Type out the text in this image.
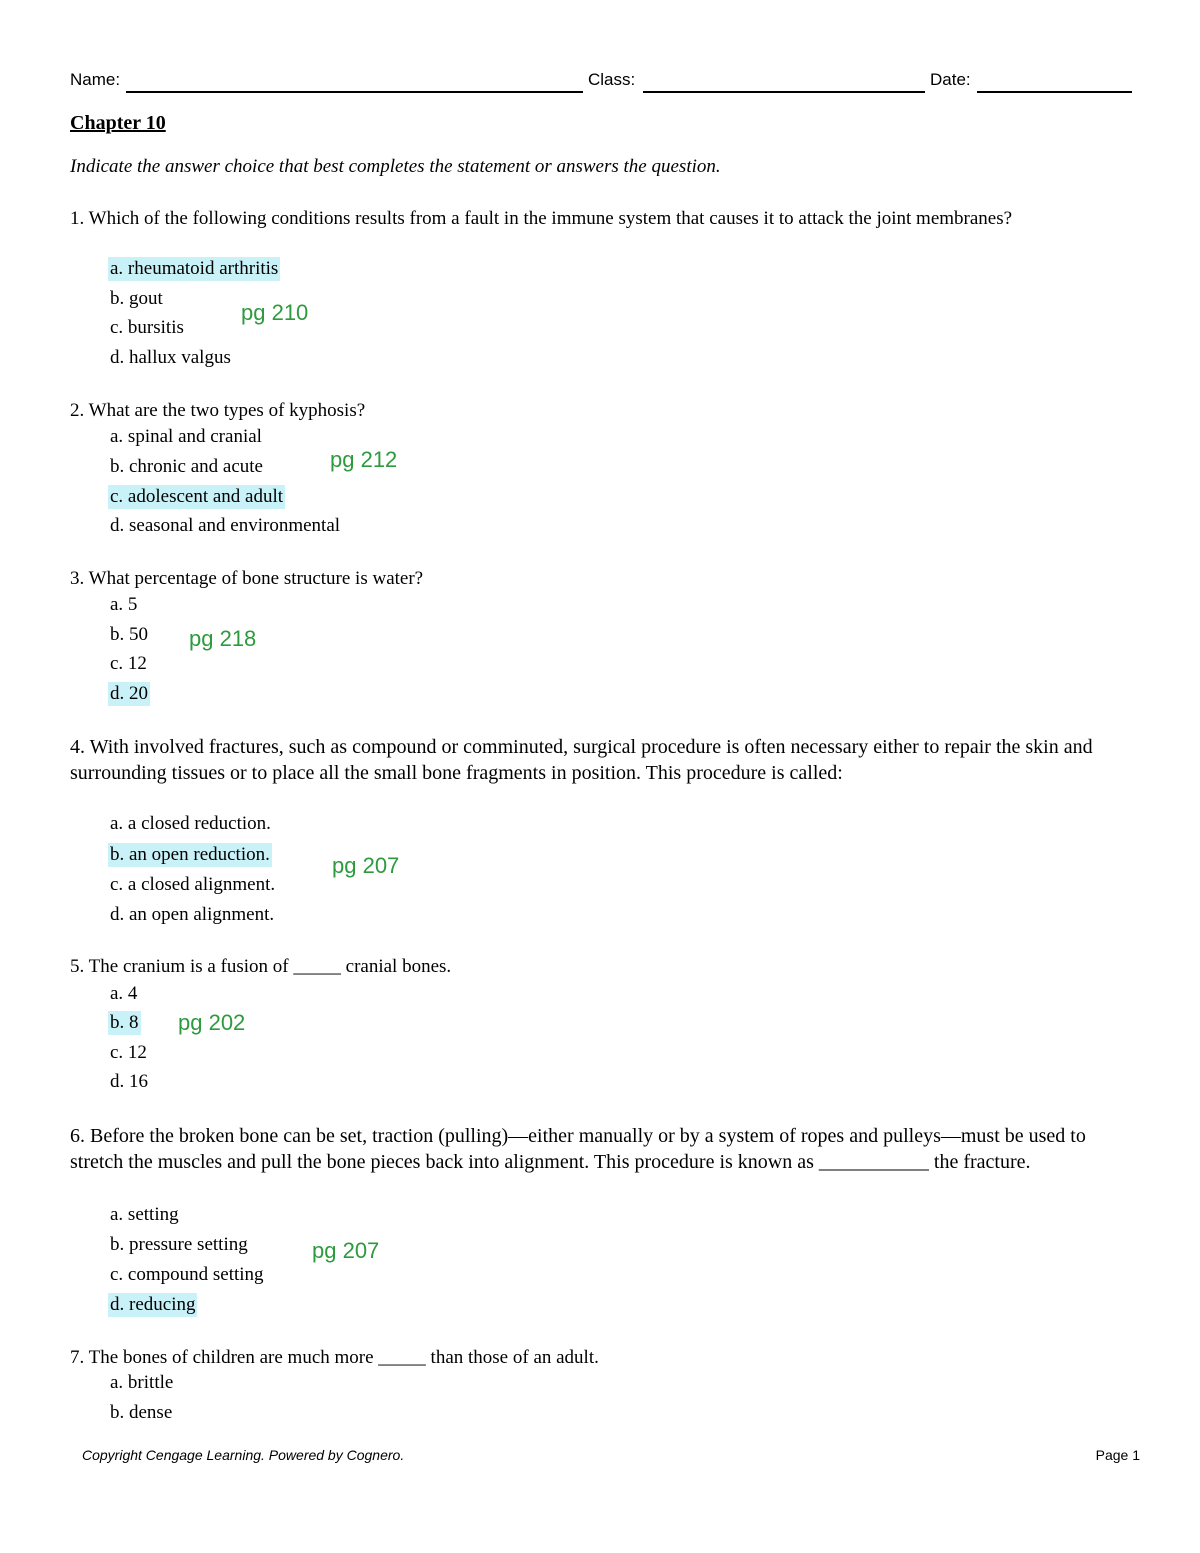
Name:	Class:	Date:
Chapter 10
Indicate the answer choice that best completes the statement or answers the question.
1. Which of the following conditions results from a fault in the immune system that causes it to attack the joint membranes?
a. rheumatoid arthritis
b. gout
c. bursitis
d. hallux valgus
pg 210
2. What are the two types of kyphosis?
a. spinal and cranial
b. chronic and acute
c. adolescent and adult
d. seasonal and environmental
pg 212
3. What percentage of bone structure is water?
a. 5
b. 50
c. 12
d. 20
pg 218
4. With involved fractures, such as compound or comminuted, surgical procedure is often necessary either to repair the skin and surrounding tissues or to place all the small bone fragments in position. This procedure is called:
a. a closed reduction.
b. an open reduction.
c. a closed alignment.
d. an open alignment.
pg 207
5. The cranium is a fusion of _____ cranial bones.
a. 4
b. 8
c. 12
d. 16
pg 202
6. Before the broken bone can be set, traction (pulling)—either manually or by a system of ropes and pulleys—must be used to stretch the muscles and pull the bone pieces back into alignment. This procedure is known as ___________ the fracture.
a. setting
b. pressure setting
c. compound setting
d. reducing
pg 207
7. The bones of children are much more _____ than those of an adult.
a. brittle
b. dense
Copyright Cengage Learning. Powered by Cognero.	Page 1
